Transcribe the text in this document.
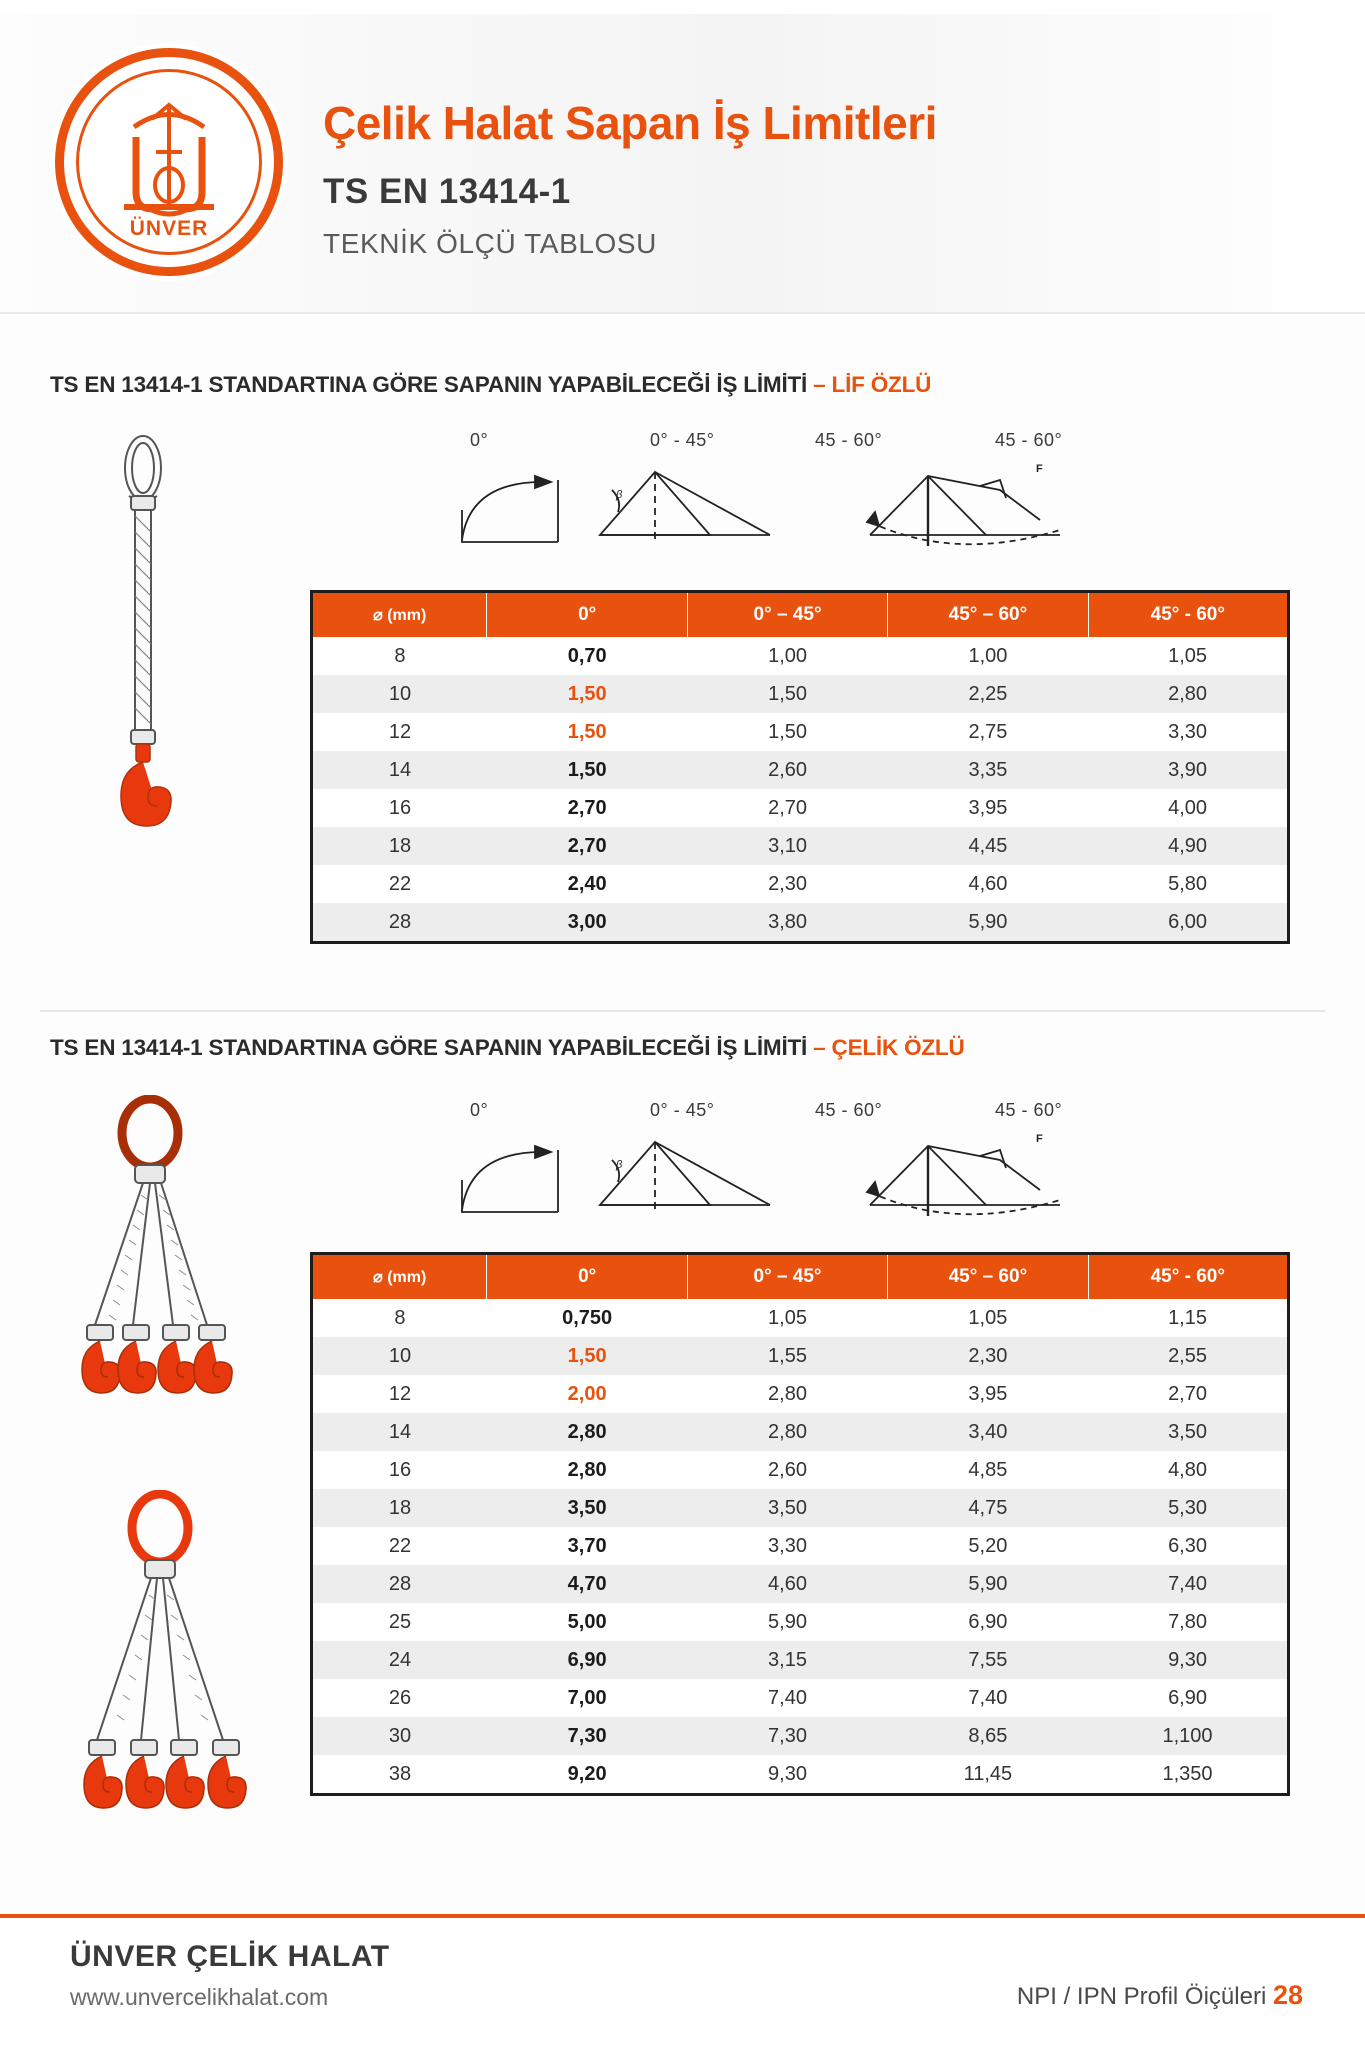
ÜNVER
Çelik Halat Sapan İş Limitleri
TS EN 13414-1
TEKNİK ÖLÇÜ TABLOSU
TS EN 13414-1 STANDARTINA GÖRE SAPANIN YAPABİLECEĞİ İŞ LİMİTİ – LİF ÖZLÜ
0°	0° - 45°	45 - 60°	45 - 60°
β
F
⌀ (mm)	0°	0° – 45°	45° – 60°	45° - 60°
8	0,70	1,00	1,00	1,05
10	1,50	1,50	2,25	2,80
12	1,50	1,50	2,75	3,30
14	1,50	2,60	3,35	3,90
16	2,70	2,70	3,95	4,00
18	2,70	3,10	4,45	4,90
22	2,40	2,30	4,60	5,80
28	3,00	3,80	5,90	6,00
TS EN 13414-1 STANDARTINA GÖRE SAPANIN YAPABİLECEĞİ İŞ LİMİTİ – ÇELİK ÖZLÜ
0°	0° - 45°	45 - 60°	45 - 60°
β
F
⌀ (mm)	0°	0° – 45°	45° – 60°	45° - 60°
8	0,750	1,05	1,05	1,15
10	1,50	1,55	2,30	2,55
12	2,00	2,80	3,95	2,70
14	2,80	2,80	3,40	3,50
16	2,80	2,60	4,85	4,80
18	3,50	3,50	4,75	5,30
22	3,70	3,30	5,20	6,30
28	4,70	4,60	5,90	7,40
25	5,00	5,90	6,90	7,80
24	6,90	3,15	7,55	9,30
26	7,00	7,40	7,40	6,90
30	7,30	7,30	8,65	1,100
38	9,20	9,30	11,45	1,350
ÜNVER ÇELİK HALAT
www.unvercelikhalat.com	NPI / IPN Profil Öiçüleri 28
